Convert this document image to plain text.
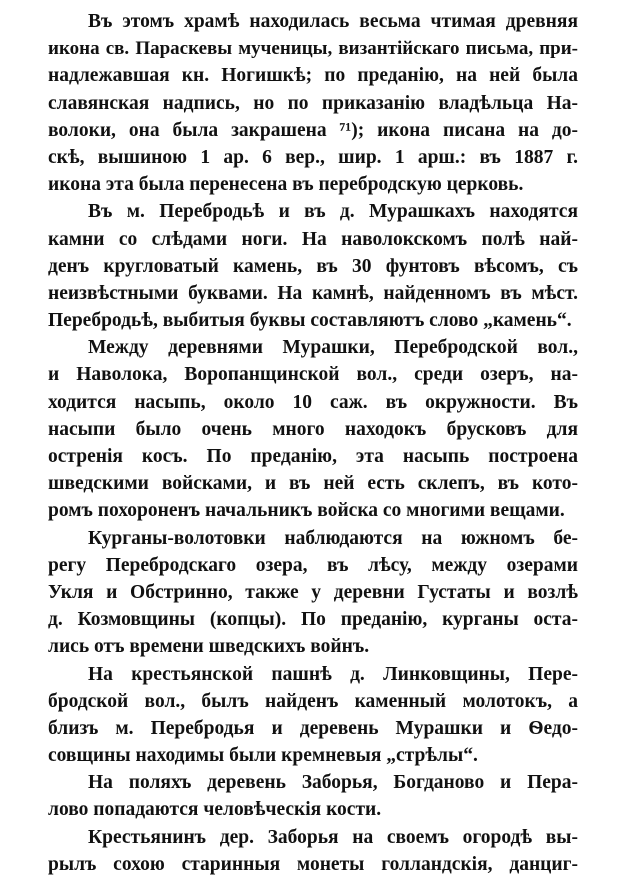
Въ этомъ храмѣ находилась весьма чтимая древняя
икона св. Параскевы мученицы, византiйскаго письма, при-
надлежавшая кн. Ногишкѣ; по преданiю, на ней была
славянская надпись, но по приказанiю владѣльца На-
волоки, она была закрашена ⁷¹); икона писана на до-
скѣ, вышиною 1 ар. 6 вер., шир. 1 арш.: въ 1887 г.
икона эта была перенесена въ перебродскую церковь.
Въ м. Перебродьѣ и въ д. Мурашкахъ находятся
камни со слѣдами ноги. На наволокскомъ полѣ най-
денъ кругловатый камень, въ 30 фунтовъ вѣсомъ, съ
неизвѣстными буквами. На камнѣ, найденномъ въ мѣст.
Перебродьѣ, выбитыя буквы составляютъ слово „камень“.
Между деревнями Мурашки, Перебродской вол.,
и Наволока, Воропанщинской вол., среди озеръ, на-
ходится насыпь, около 10 саж. въ окружности. Въ
насыпи было очень много находокъ брусковъ для
остренiя косъ. По преданiю, эта насыпь построена
шведскими войсками, и въ ней есть склепъ, въ кото-
ромъ похороненъ начальникъ войска со многими вещами.
Курганы-волотовки наблюдаются на южномъ бе-
регу Перебродскаго озера, въ лѣсу, между озерами
Укля и Обстринно, также у деревни Густаты и возлѣ
д. Козмовщины (копцы). По преданiю, курганы оста-
лись отъ времени шведскихъ войнъ.
На крестьянской пашнѣ д. Линковщины, Пере-
бродской вол., былъ найденъ каменный молотокъ, а
близъ м. Перебродья и деревень Мурашки и Ѳедо-
совщины находимы были кремневыя „стрѣлы“.
На поляхъ деревень Заборья, Богданово и Пера-
лово попадаются человѣческiя кости.
Крестьянинъ дер. Заборья на своемъ огородѣ вы-
рылъ сохою старинныя монеты голландскiя, данциг-
